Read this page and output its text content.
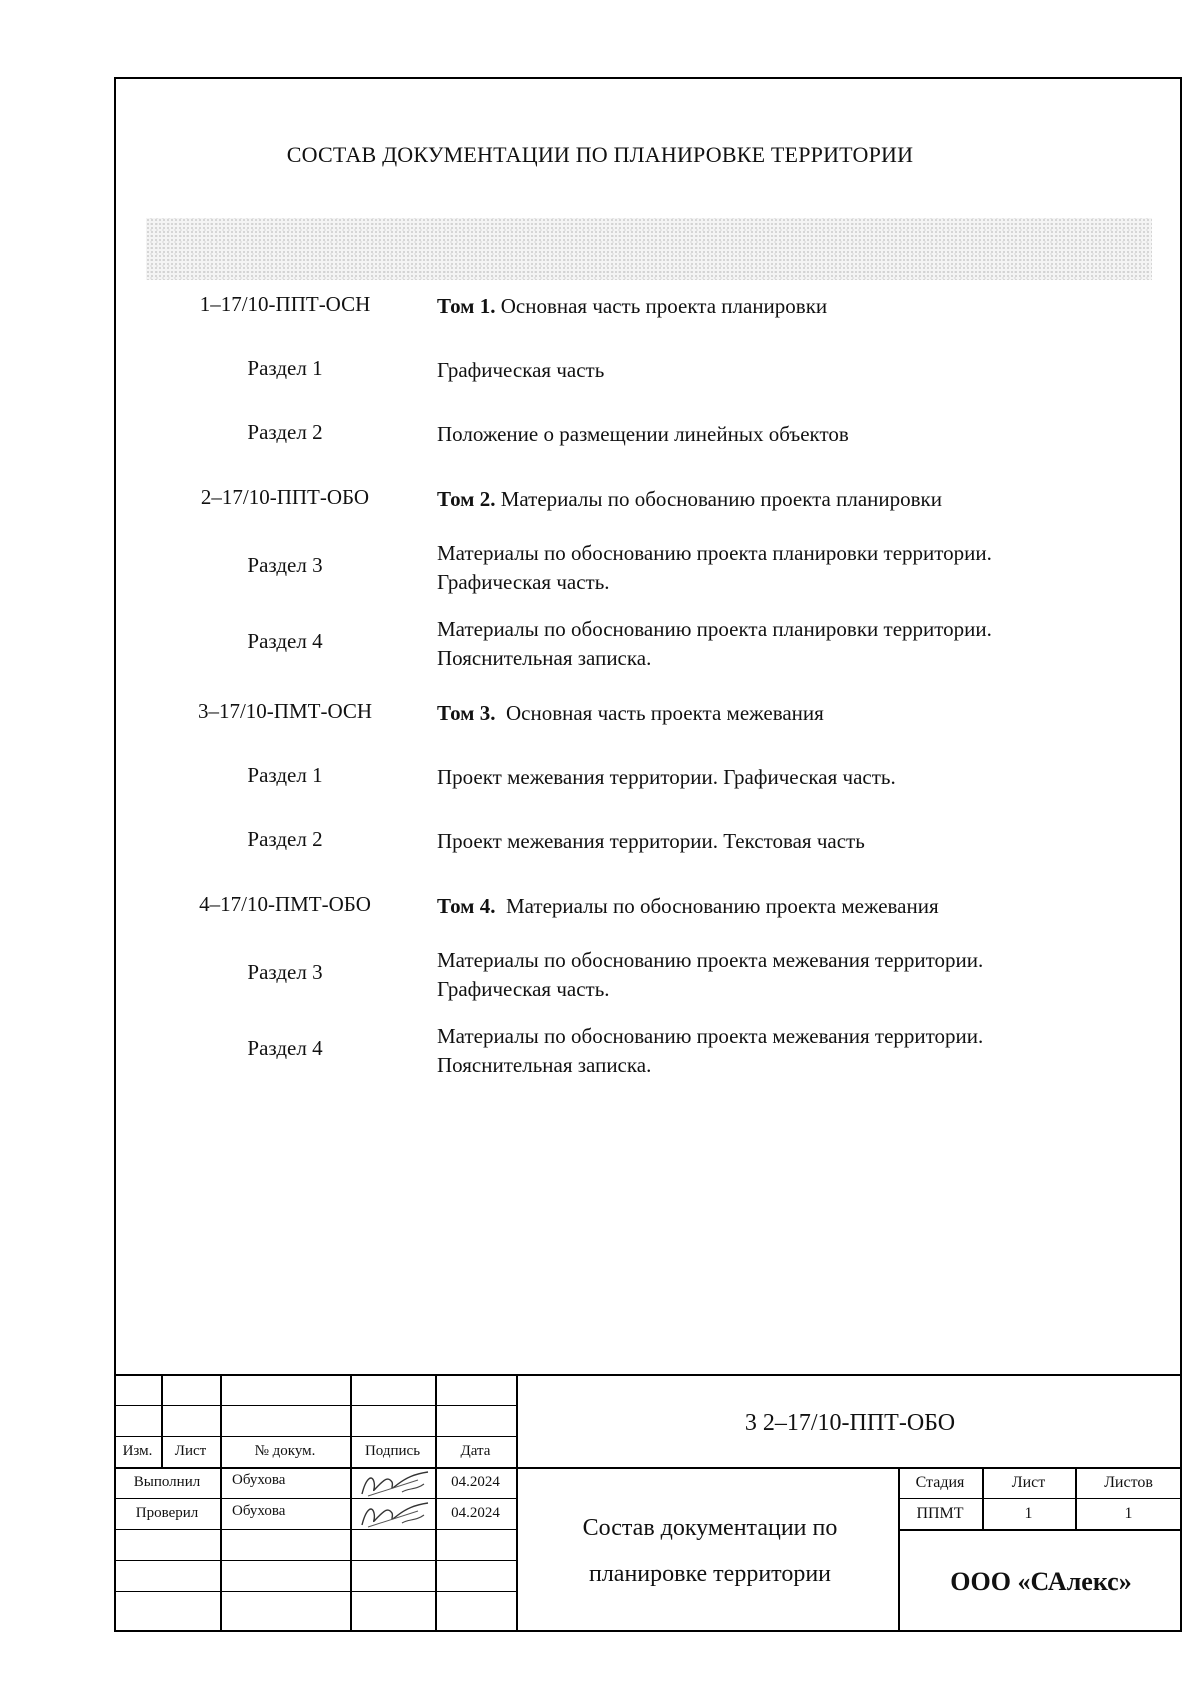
СОСТАВ ДОКУМЕНТАЦИИ ПО ПЛАНИРОВКЕ ТЕРРИТОРИИ
1–17/10-ППТ-ОСН	Том 1. Основная часть проекта планировки
Раздел 1	Графическая часть
Раздел 2	Положение о размещении линейных объектов
2–17/10-ППТ-ОБО	Том 2. Материалы по обоснованию проекта планировки
Раздел 3	Материалы по обоснованию проекта планировки территории.
Графическая часть.
Раздел 4	Материалы по обоснованию проекта планировки территории.
Пояснительная записка.
3–17/10-ПМТ-ОСН	Том 3.  Основная часть проекта межевания
Раздел 1	Проект межевания территории. Графическая часть.
Раздел 2	Проект межевания территории. Текстовая часть
4–17/10-ПМТ-ОБО	Том 4.  Материалы по обоснованию проекта межевания
Раздел 3	Материалы по обоснованию проекта межевания территории.
Графическая часть.
Раздел 4	Материалы по обоснованию проекта межевания территории.
Пояснительная записка.
Изм.	Лист	№ докум.	Подпись	Дата
Выполнил	Обухова	04.2024
Проверил	Обухова	04.2024
3 2–17/10-ППТ-ОБО
Состав документации по
планировке территории
Стадия	Лист	Листов
ППМТ	1	1
ООО «САлекс»
